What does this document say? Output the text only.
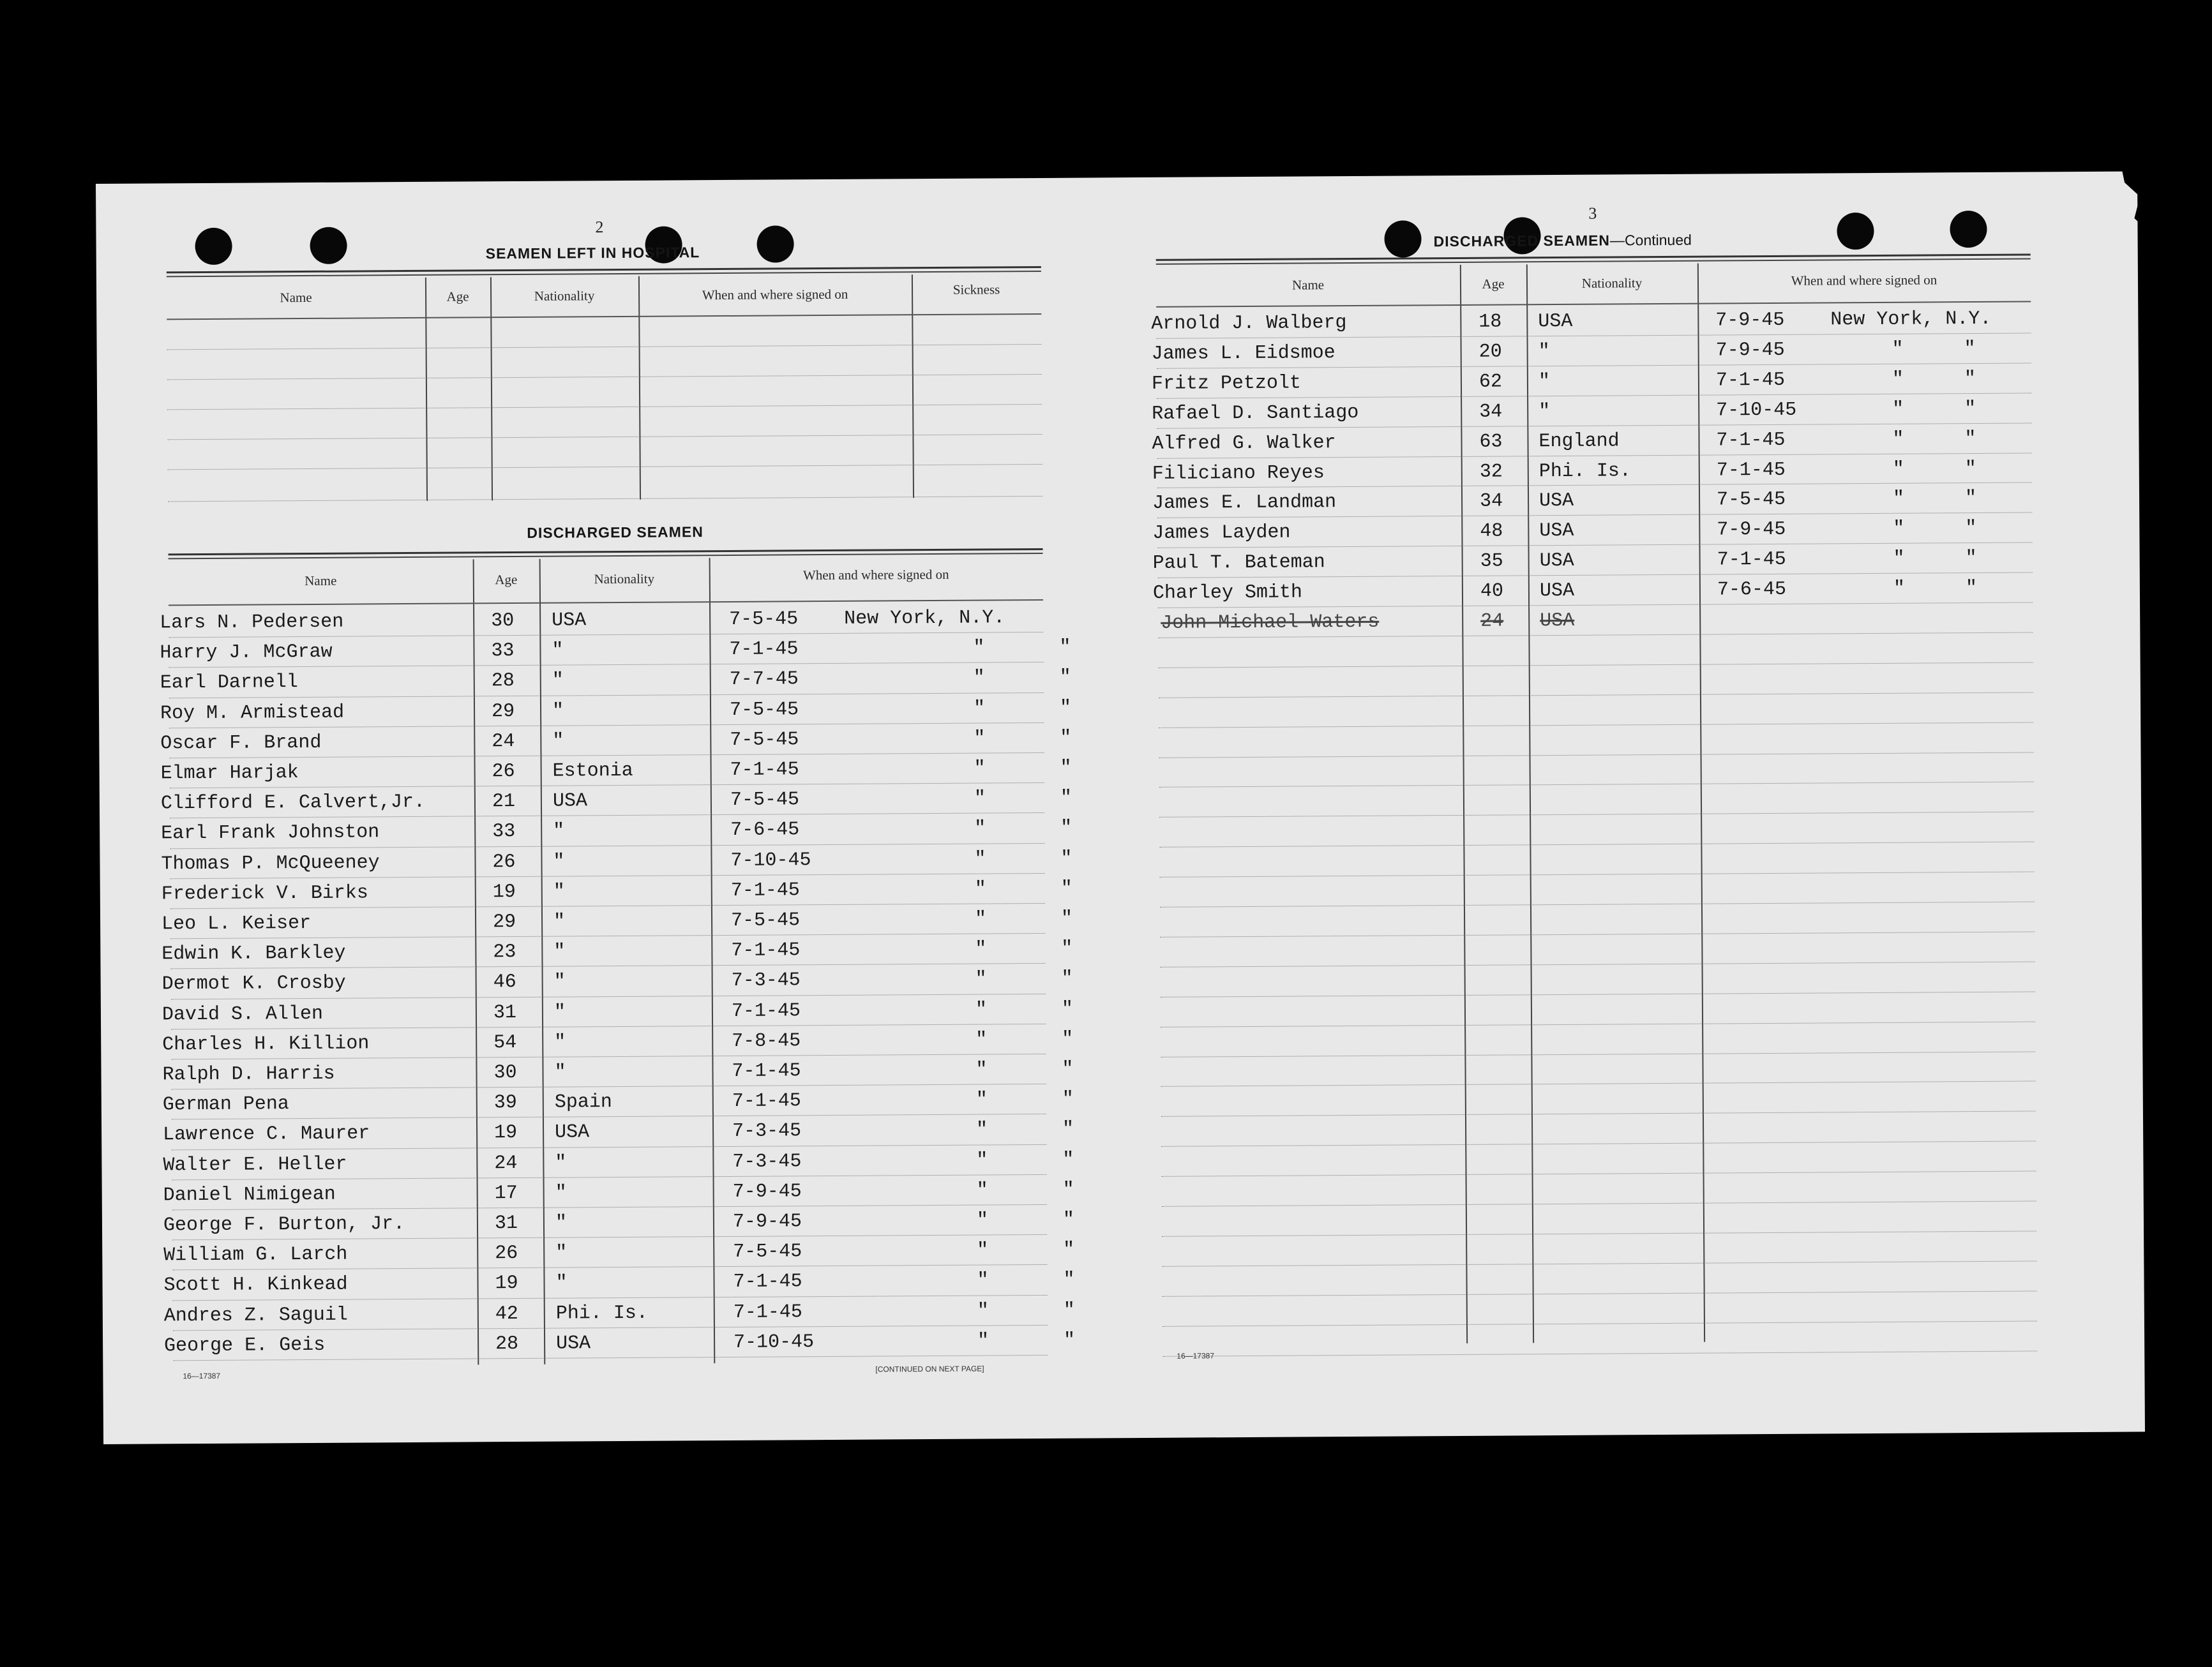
2
SEAMEN LEFT IN HOSPITAL
Name	Age	Nationality	When and where signed on	Sickness
DISCHARGED SEAMEN
Name	Age	Nationality	When and where signed on
Lars N. Pedersen	30 USA	7-5-45 New York, N.Y.
Harry J. McGraw	33 "	7-1-45	"	"
Earl Darnell	28 "	7-7-45	"	"
Roy M. Armistead	29 "	7-5-45	"	"
Oscar F. Brand	24 "	7-5-45	"	"
Elmar Harjak	26 Estonia	7-1-45	"	"
Clifford E. Calvert,Jr.	21 USA	7-5-45	"	"
Earl Frank Johnston	33 "	7-6-45	"	"
Thomas P. McQueeney	26 "	7-10-45	"	"
Frederick V. Birks	19 "	7-1-45	"	"
Leo L. Keiser	29 "	7-5-45	"	"
Edwin K. Barkley	23 "	7-1-45	"	"
Dermot K. Crosby	46 "	7-3-45	"	"
David S. Allen	31 "	7-1-45	"	"
Charles H. Killion	54 "	7-8-45	"	"
Ralph D. Harris	30 "	7-1-45	"	"
German Pena	39 Spain	7-1-45	"	"
Lawrence C. Maurer	19 USA	7-3-45	"	"
Walter E. Heller	24 "	7-3-45	"	"
Daniel Nimigean	17 "	7-9-45	"	"
George F. Burton, Jr.	31 "	7-9-45	"	"
William G. Larch	26 "	7-5-45	"	"
Scott H. Kinkead	19 "	7-1-45	"	"
Andres Z. Saguil	42 Phi. Is.	7-1-45	"	"
George E. Geis	28 USA	7-10-45	"	"
16—17387
[CONTINUED ON NEXT PAGE]
3
DISCHARGED SEAMEN—Continued
Name	Age	Nationality	When and where signed on
Arnold J. Walberg	18 USA	7-9-45 New York, N.Y.
James L. Eidsmoe	20 "	7-9-45	"	"
Fritz Petzolt	62 "	7-1-45	"	"
Rafael D. Santiago	34 "	7-10-45	"	"
Alfred G. Walker	63 England	7-1-45	"	"
Filiciano Reyes	32 Phi. Is.	7-1-45	"	"
James E. Landman	34 USA	7-5-45	"	"
James Layden	48 USA	7-9-45	"	"
Paul T. Bateman	35 USA	7-1-45	"	"
Charley Smith	40 USA	7-6-45	"	"
John Michael Waters	24 USA
16—17387
